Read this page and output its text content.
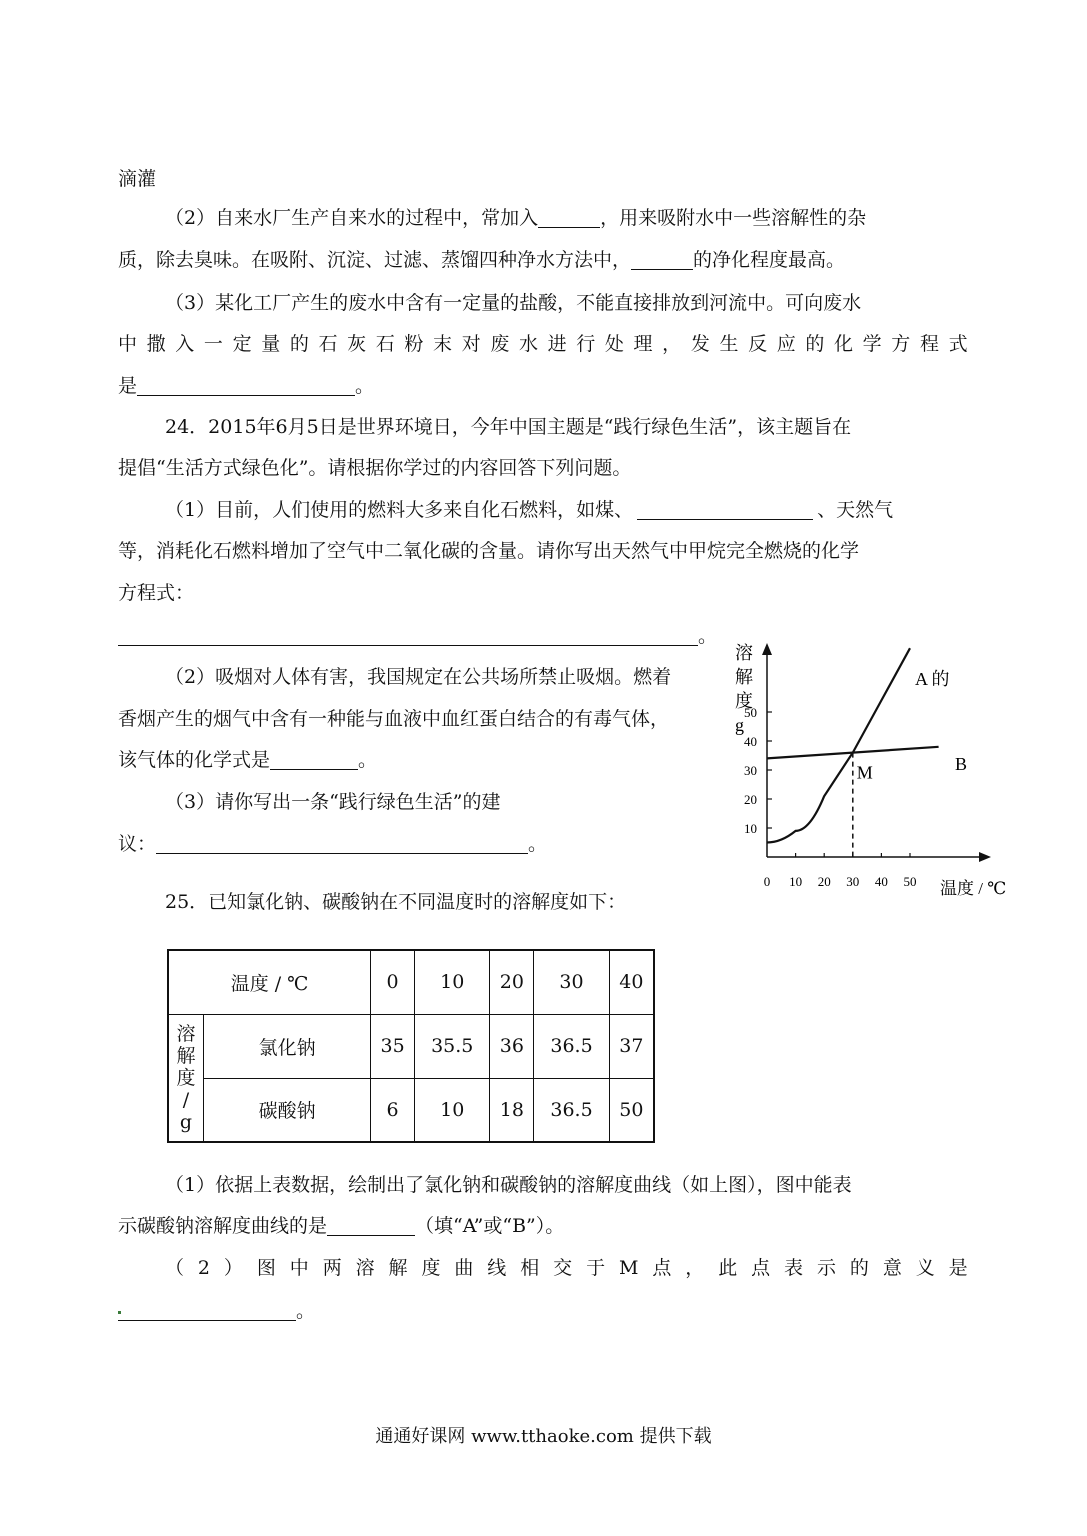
滴灌
（2）自来水厂生产自来水的过程中，常加入	，用来吸附水中一些溶解性的杂
质，除去臭味。在吸附、沉淀、过滤、蒸馏四种净水方法中，	的净化程度最高。
（3）某化工厂产生的废水中含有一定量的盐酸，不能直接排放到河流中。可向废水
中 撒 入 一 定 量 的 石 灰 石 粉 末 对 废 水 进 行 处 理 ， 发 生 反 应 的 化 学 方 程 式
是	。
24．2015年6月5日是世界环境日，今年中国主题是“践行绿色生活”，该主题旨在
提倡“生活方式绿色化”。请根据你学过的内容回答下列问题。
（1）目前，人们使用的燃料大多来自化石燃料，如煤、	、天然气
等，消耗化石燃料增加了空气中二氧化碳的含量。请你写出天然气中甲烷完全燃烧的化学
方程式：
。
（2）吸烟对人体有害，我国规定在公共场所禁止吸烟。燃着
香烟产生的烟气中含有一种能与血液中血红蛋白结合的有毒气体，
该气体的化学式是	。
（3）请你写出一条“践行绿色生活”的建
议：	。
25．已知氯化钠、碳酸钠在不同温度时的溶解度如下：
溶
解
度
g
0 10 20 30 40 50
10
20
30
40
50
A 的
B
M
温度 / ℃
温度 / ℃		0	10	20	30	40

溶
解
度
/
g	氯化钠	35	35.5	36	36.5	37
	碳酸钠	6	10	18	36.5	50
（1）依据上表数据，绘制出了氯化钠和碳酸钠的溶解度曲线（如上图），图中能表
示碳酸钠溶解度曲线的是	（填“A”或“B”）。
（ 2 ） 图 中 两 溶 解 度 曲 线 相 交 于 M 点 ， 此 点 表 示 的 意 义 是
。
通通好课网 www.tthaoke.com 提供下载
